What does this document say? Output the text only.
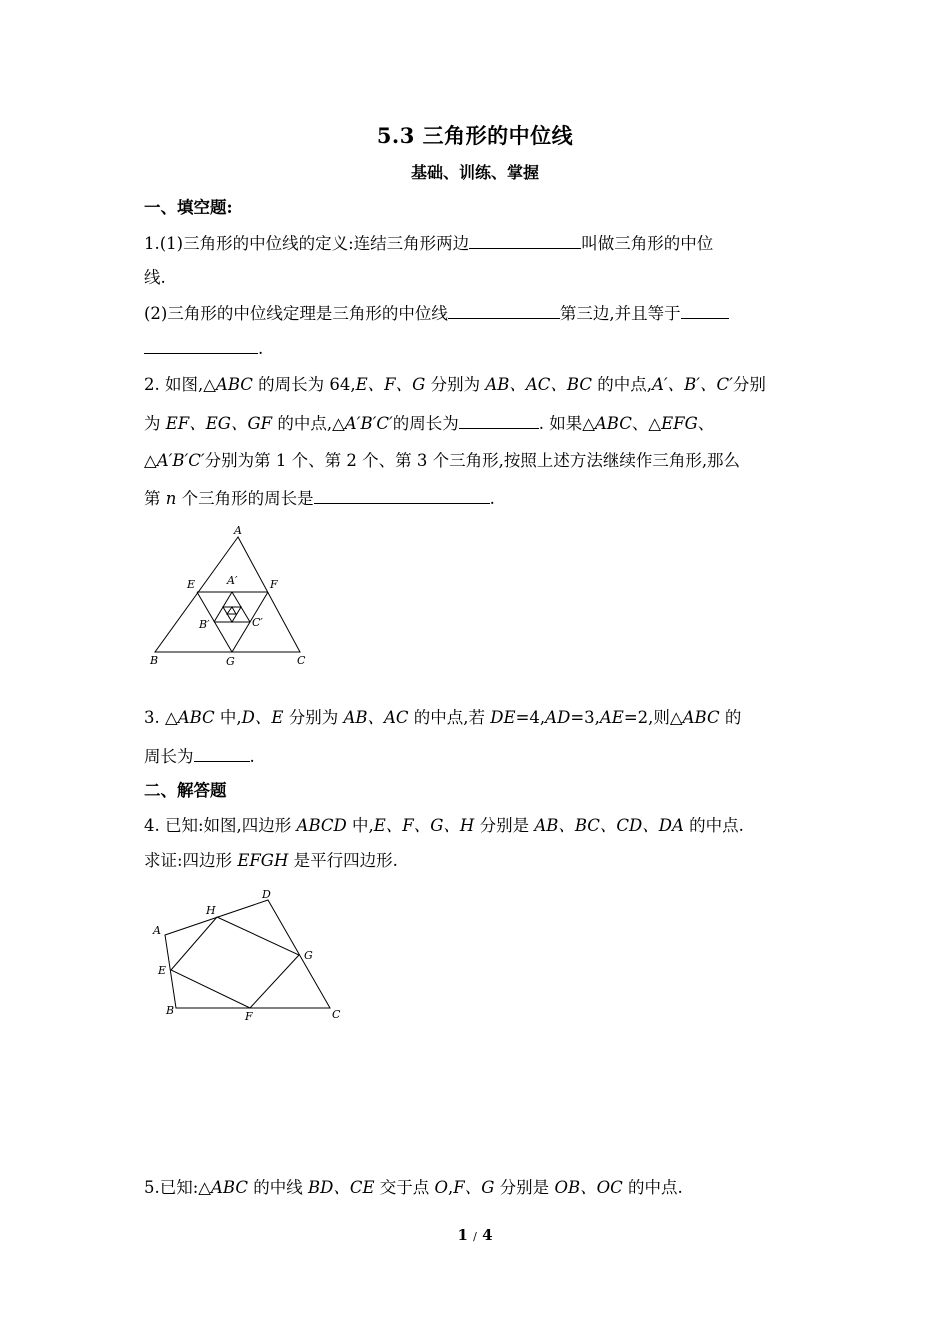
5.3 三角形的中位线
基础、训练、掌握
一、填空题:
1.(1)三角形的中位线的定义:连结三角形两边	叫做三角形的中位
线.
(2)三角形的中位线定理是三角形的中位线	第三边,并且等于
.
2. 如图,△ABC 的周长为 64,E、F、G 分别为 AB、AC、BC 的中点,A′、B′、C′分别
为 EF、EG、GF 的中点,△A′B′C′的周长为	. 如果△ABC、△EFG、
△A′B′C′分别为第 1 个、第 2 个、第 3 个三角形,按照上述方法继续作三角形,那么
第 n 个三角形的周长是	.
A
B	C
E	F
G
A′
B′	C′
3. △ABC 中,D、E 分别为 AB、AC 的中点,若 DE=4,AD=3,AE=2,则△ABC 的
周长为	.
二、解答题
4. 已知:如图,四边形 ABCD 中,E、F、G、H 分别是 AB、BC、CD、DA 的中点.
求证:四边形 EFGH 是平行四边形.
A
B	C
D
E
F
G
H
5.已知:△ABC 的中线 BD、CE 交于点 O,F、G 分别是 OB、OC 的中点.
1 / 4
